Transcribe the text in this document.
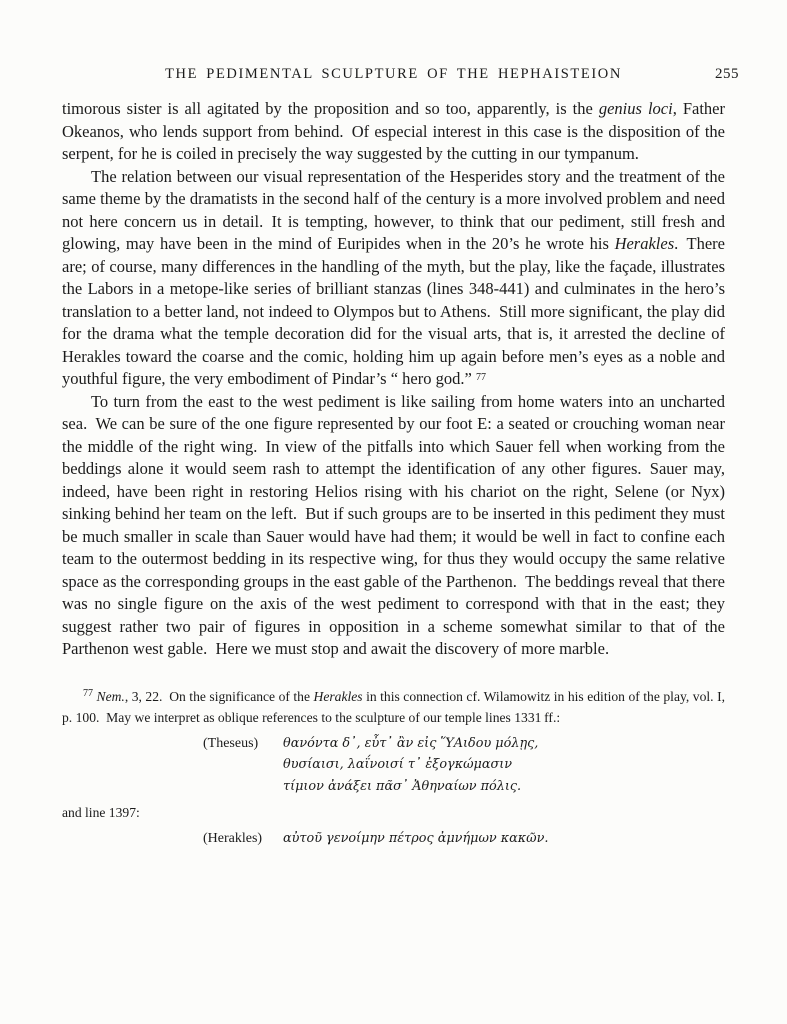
THE PEDIMENTAL SCULPTURE OF THE HEPHAISTEION	255

timorous sister is all agitated by the proposition and so too, apparently, is the genius loci, Father Okeanos, who lends support from behind. Of especial interest in this case is the disposition of the serpent, for he is coiled in precisely the way suggested by the cutting in our tympanum.

The relation between our visual representation of the Hesperides story and the treatment of the same theme by the dramatists in the second half of the century is a more involved problem and need not here concern us in detail. It is tempting, however, to think that our pediment, still fresh and glowing, may have been in the mind of Euripides when in the 20’s he wrote his Herakles. There are; of course, many differences in the handling of the myth, but the play, like the façade, illustrates the Labors in a metope-like series of brilliant stanzas (lines 348-441) and culminates in the hero’s translation to a better land, not indeed to Olympos but to Athens. Still more significant, the play did for the drama what the temple decoration did for the visual arts, that is, it arrested the decline of Herakles toward the coarse and the comic, holding him up again before men’s eyes as a noble and youthful figure, the very embodiment of Pindar’s “ hero god.” $^{77}$

To turn from the east to the west pediment is like sailing from home waters into an uncharted sea. We can be sure of the one figure represented by our foot E: a seated or crouching woman near the middle of the right wing. In view of the pitfalls into which Sauer fell when working from the beddings alone it would seem rash to attempt the identification of any other figures. Sauer may, indeed, have been right in restoring Helios rising with his chariot on the right, Selene (or Nyx) sinking behind her team on the left. But if such groups are to be inserted in this pediment they must be much smaller in scale than Sauer would have had them; it would be well in fact to confine each team to the outermost bedding in its respective wing, for thus they would occupy the same relative space as the corresponding groups in the east gable of the Parthenon. The beddings reveal that there was no single figure on the axis of the west pediment to correspond with that in the east; they suggest rather two pair of figures in opposition in a scheme somewhat similar to that of the Parthenon west gable. Here we must stop and await the discovery of more marble.

$^{77}$ Nem., 3, 22. On the significance of the Herakles in this connection cf. Wilamowitz in his edition of the play, vol. I, p. 100. May we interpret as oblique references to the sculpture of our temple lines 1331 ff.:

(Theseus)	θανόντα δ᾽, εὖτ᾽ ἂν εἰς ὝΑιδου μόλῃς,
θυσίαισι, λαΐνοισί τ᾽ ἐξογκώμασιν
τίμιον ἀνάξει πᾶσ᾽ Ἀθηναίων πόλις.
and line 1397:
(Herakles)	αὐτοῦ γενοίμην πέτρος ἀμνήμων κακῶν.
